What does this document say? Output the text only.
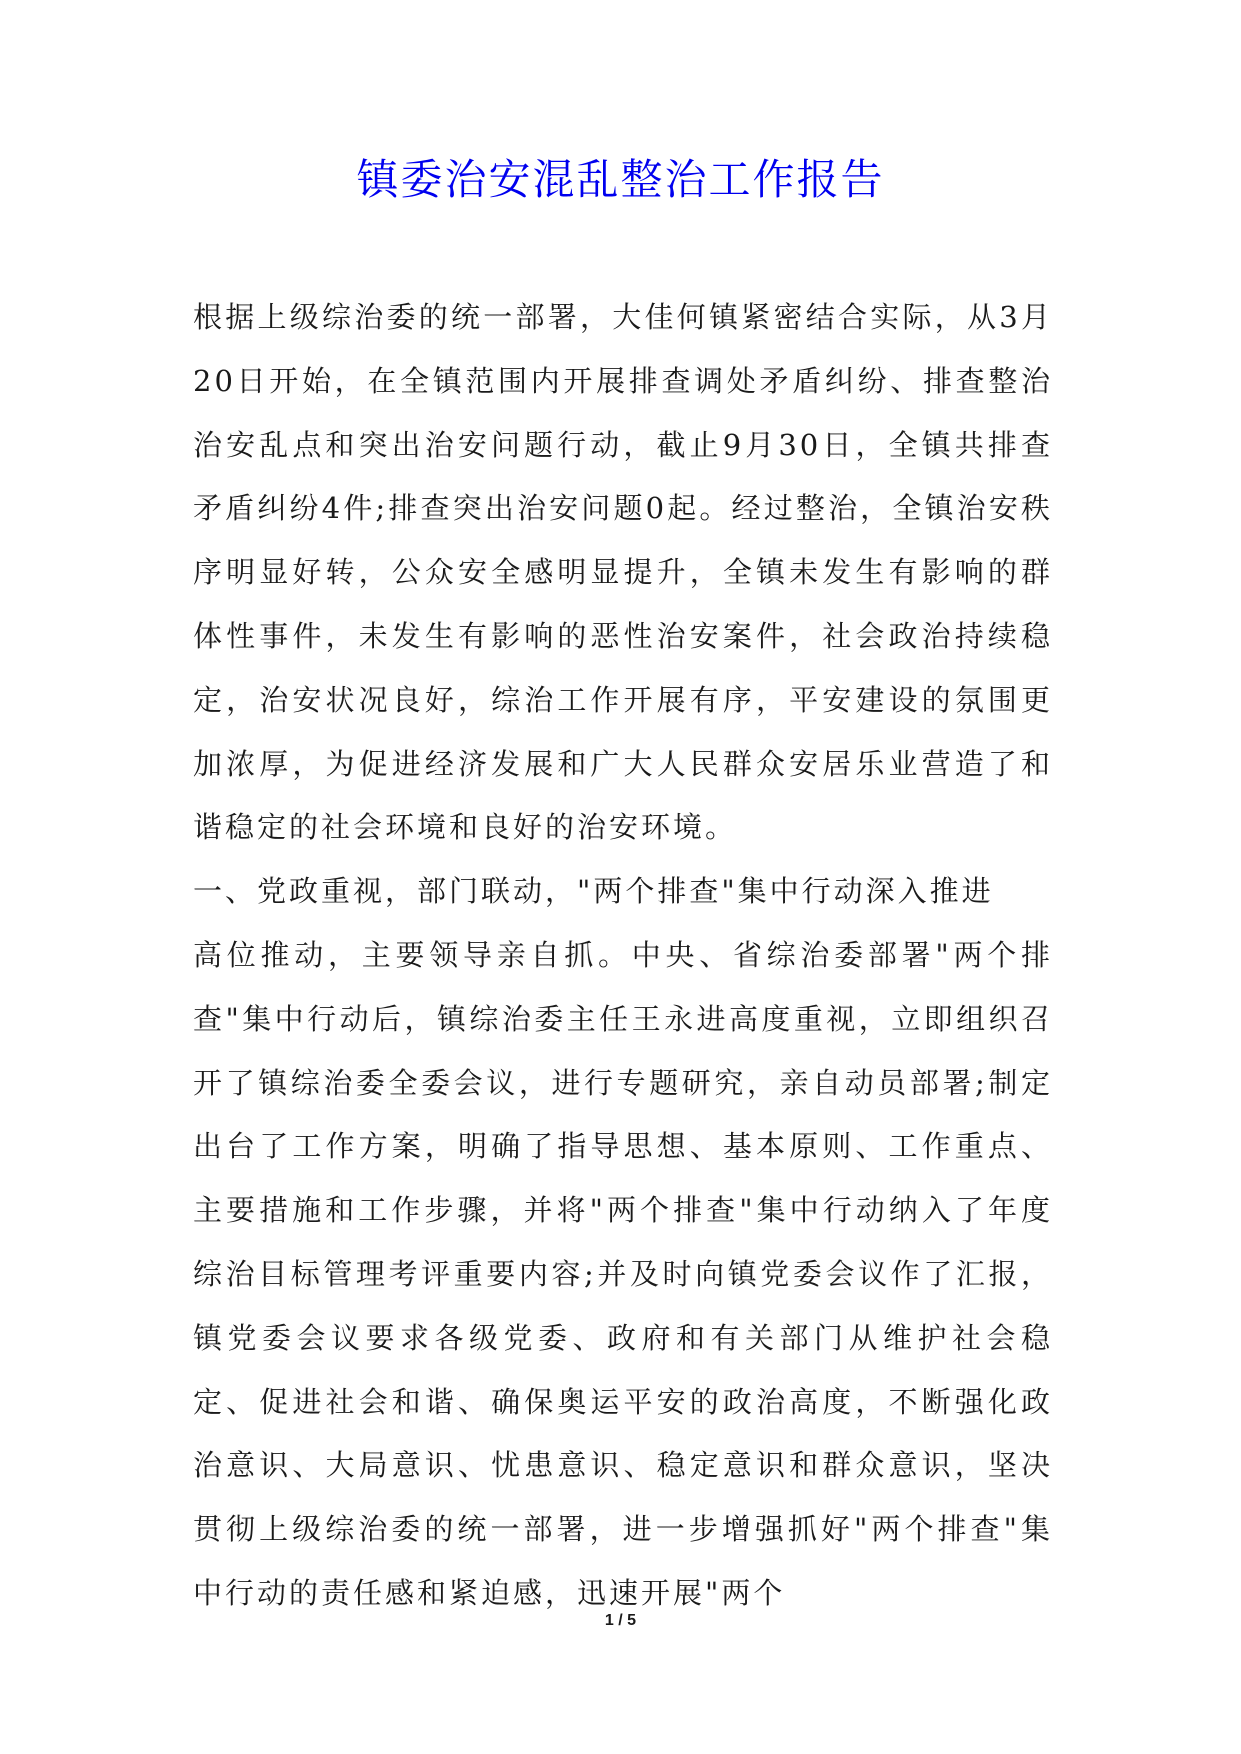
镇委治安混乱整治工作报告

根据上级综治委的统一部署，大佳何镇紧密结合实际，从3月20日开始，在全镇范围内开展排查调处矛盾纠纷、排查整治治安乱点和突出治安问题行动，截止9月30日，全镇共排查矛盾纠纷4件;排查突出治安问题0起。经过整治，全镇治安秩序明显好转，公众安全感明显提升，全镇未发生有影响的群体性事件，未发生有影响的恶性治安案件，社会政治持续稳定，治安状况良好，综治工作开展有序，平安建设的氛围更加浓厚，为促进经济发展和广大人民群众安居乐业营造了和谐稳定的社会环境和良好的治安环境。

一、党政重视，部门联动，"两个排查"集中行动深入推进

高位推动，主要领导亲自抓。中央、省综治委部署"两个排查"集中行动后，镇综治委主任王永进高度重视，立即组织召开了镇综治委全委会议，进行专题研究，亲自动员部署;制定出台了工作方案，明确了指导思想、基本原则、工作重点、主要措施和工作步骤，并将"两个排查"集中行动纳入了年度综治目标管理考评重要内容;并及时向镇党委会议作了汇报，镇党委会议要求各级党委、政府和有关部门从维护社会稳定、促进社会和谐、确保奥运平安的政治高度，不断强化政治意识、大局意识、忧患意识、稳定意识和群众意识，坚决贯彻上级综治委的统一部署，进一步增强抓好"两个排查"集中行动的责任感和紧迫感，迅速开展"两个

1 / 5
